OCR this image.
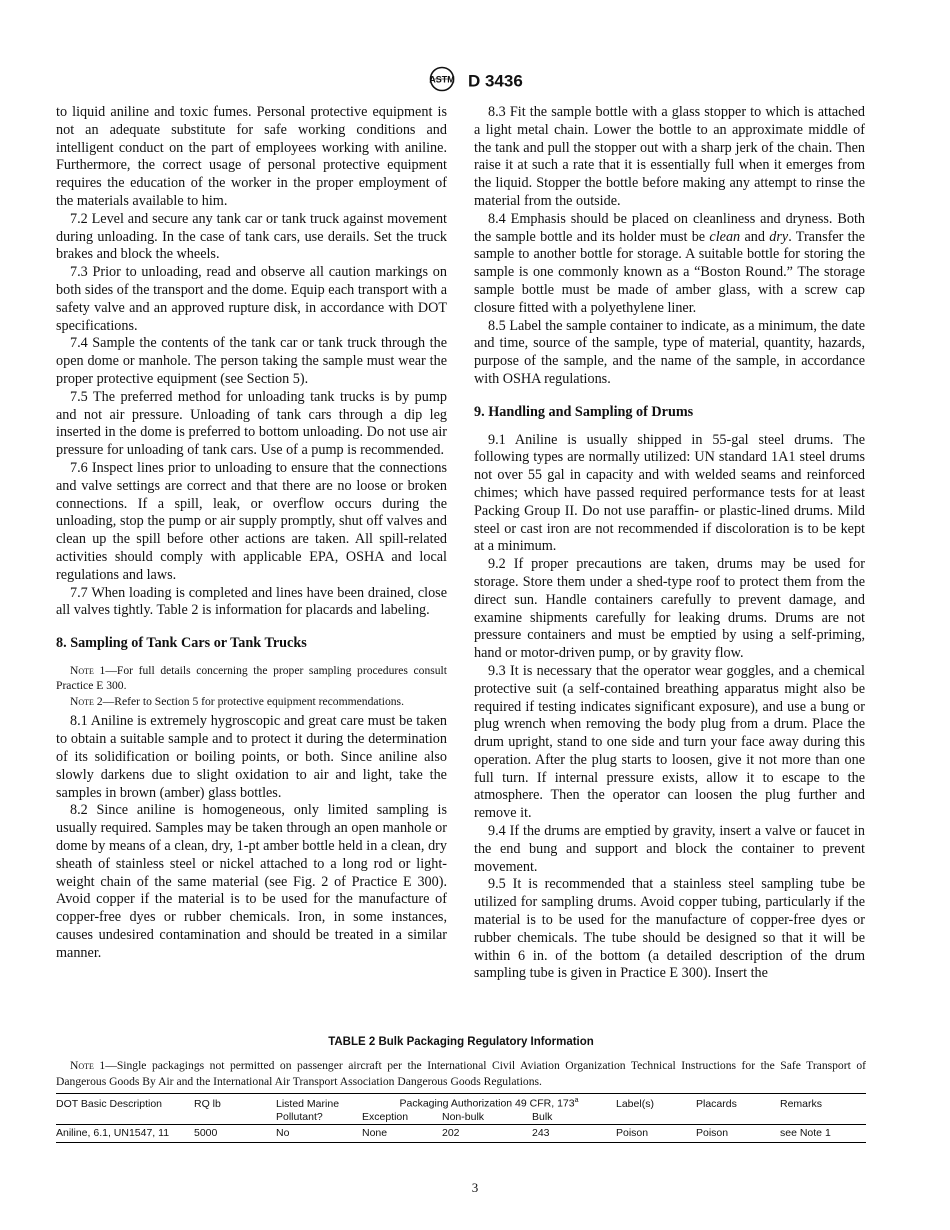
ASTM D 3436

to liquid aniline and toxic fumes. Personal protective equipment is not an adequate substitute for safe working conditions and intelligent conduct on the part of employees working with aniline. Furthermore, the correct usage of personal protective equipment requires the education of the worker in the proper employment of the materials available to him.

7.2 Level and secure any tank car or tank truck against movement during unloading. In the case of tank cars, use derails. Set the truck brakes and block the wheels.

7.3 Prior to unloading, read and observe all caution markings on both sides of the transport and the dome. Equip each transport with a safety valve and an approved rupture disk, in accordance with DOT specifications.

7.4 Sample the contents of the tank car or tank truck through the open dome or manhole. The person taking the sample must wear the proper protective equipment (see Section 5).

7.5 The preferred method for unloading tank trucks is by pump and not air pressure. Unloading of tank cars through a dip leg inserted in the dome is preferred to bottom unloading. Do not use air pressure for unloading of tank cars. Use of a pump is recommended.

7.6 Inspect lines prior to unloading to ensure that the connections and valve settings are correct and that there are no loose or broken connections. If a spill, leak, or overflow occurs during the unloading, stop the pump or air supply promptly, shut off valves and clean up the spill before other actions are taken. All spill-related activities should comply with applicable EPA, OSHA and local regulations and laws.

7.7 When loading is completed and lines have been drained, close all valves tightly. Table 2 is information for placards and labeling.

8. Sampling of Tank Cars or Tank Trucks

Note 1—For full details concerning the proper sampling procedures consult Practice E 300.

Note 2—Refer to Section 5 for protective equipment recommendations.

8.1 Aniline is extremely hygroscopic and great care must be taken to obtain a suitable sample and to protect it during the determination of its solidification or boiling points, or both. Since aniline also slowly darkens due to slight oxidation to air and light, take the samples in brown (amber) glass bottles.

8.2 Since aniline is homogeneous, only limited sampling is usually required. Samples may be taken through an open manhole or dome by means of a clean, dry, 1-pt amber bottle held in a clean, dry sheath of stainless steel or nickel attached to a long rod or light-weight chain of the same material (see Fig. 2 of Practice E 300). Avoid copper if the material is to be used for the manufacture of copper-free dyes or rubber chemicals. Iron, in some instances, causes undesired contamination and should be treated in a similar manner.

8.3 Fit the sample bottle with a glass stopper to which is attached a light metal chain. Lower the bottle to an approximate middle of the tank and pull the stopper out with a sharp jerk of the chain. Then raise it at such a rate that it is essentially full when it emerges from the liquid. Stopper the bottle before making any attempt to rinse the material from the outside.

8.4 Emphasis should be placed on cleanliness and dryness. Both the sample bottle and its holder must be clean and dry. Transfer the sample to another bottle for storage. A suitable bottle for storing the sample is one commonly known as a “Boston Round.” The storage sample bottle must be made of amber glass, with a screw cap closure fitted with a polyethylene liner.

8.5 Label the sample container to indicate, as a minimum, the date and time, source of the sample, type of material, quantity, hazards, purpose of the sample, and the name of the sample, in accordance with OSHA regulations.

9. Handling and Sampling of Drums

9.1 Aniline is usually shipped in 55-gal steel drums. The following types are normally utilized: UN standard 1A1 steel drums not over 55 gal in capacity and with welded seams and reinforced chimes; which have passed required performance tests for at least Packing Group II. Do not use paraffin- or plastic-lined drums. Mild steel or cast iron are not recommended if discoloration is to be kept at a minimum.

9.2 If proper precautions are taken, drums may be used for storage. Store them under a shed-type roof to protect them from the direct sun. Handle containers carefully to prevent damage, and examine shipments carefully for leaking drums. Drums are not pressure containers and must be emptied by using a self-priming, hand or motor-driven pump, or by gravity flow.

9.3 It is necessary that the operator wear goggles, and a chemical protective suit (a self-contained breathing apparatus might also be required if testing indicates significant exposure), and use a bung or plug wrench when removing the body plug from a drum. Place the drum upright, stand to one side and turn your face away during this operation. After the plug starts to loosen, give it not more than one full turn. If internal pressure exists, allow it to escape to the atmosphere. Then the operator can loosen the plug further and remove it.

9.4 If the drums are emptied by gravity, insert a valve or faucet in the end bung and support and block the container to prevent movement.

9.5 It is recommended that a stainless steel sampling tube be utilized for sampling drums. Avoid copper tubing, particularly if the material is to be used for the manufacture of copper-free dyes or rubber chemicals. The tube should be designed so that it will be within 6 in. of the bottom (a detailed description of the drum sampling tube is given in Practice E 300). Insert the

TABLE 2 Bulk Packaging Regulatory Information
Note 1—Single packagings not permitted on passenger aircraft per the International Civil Aviation Organization Technical Instructions for the Safe Transport of Dangerous Goods By Air and the International Air Transport Association Dangerous Goods Regulations.
DOT Basic Description	RQ lb	Listed Marine	Packaging Authorization 49 CFR, 173$^a$			Label(s)	Placards	Remarks
		Pollutant?	Exception	Non-bulk	Bulk			
Aniline, 6.1, UN1547, 11	5000	No	None	202	243	Poison	Poison	see Note 1
3
